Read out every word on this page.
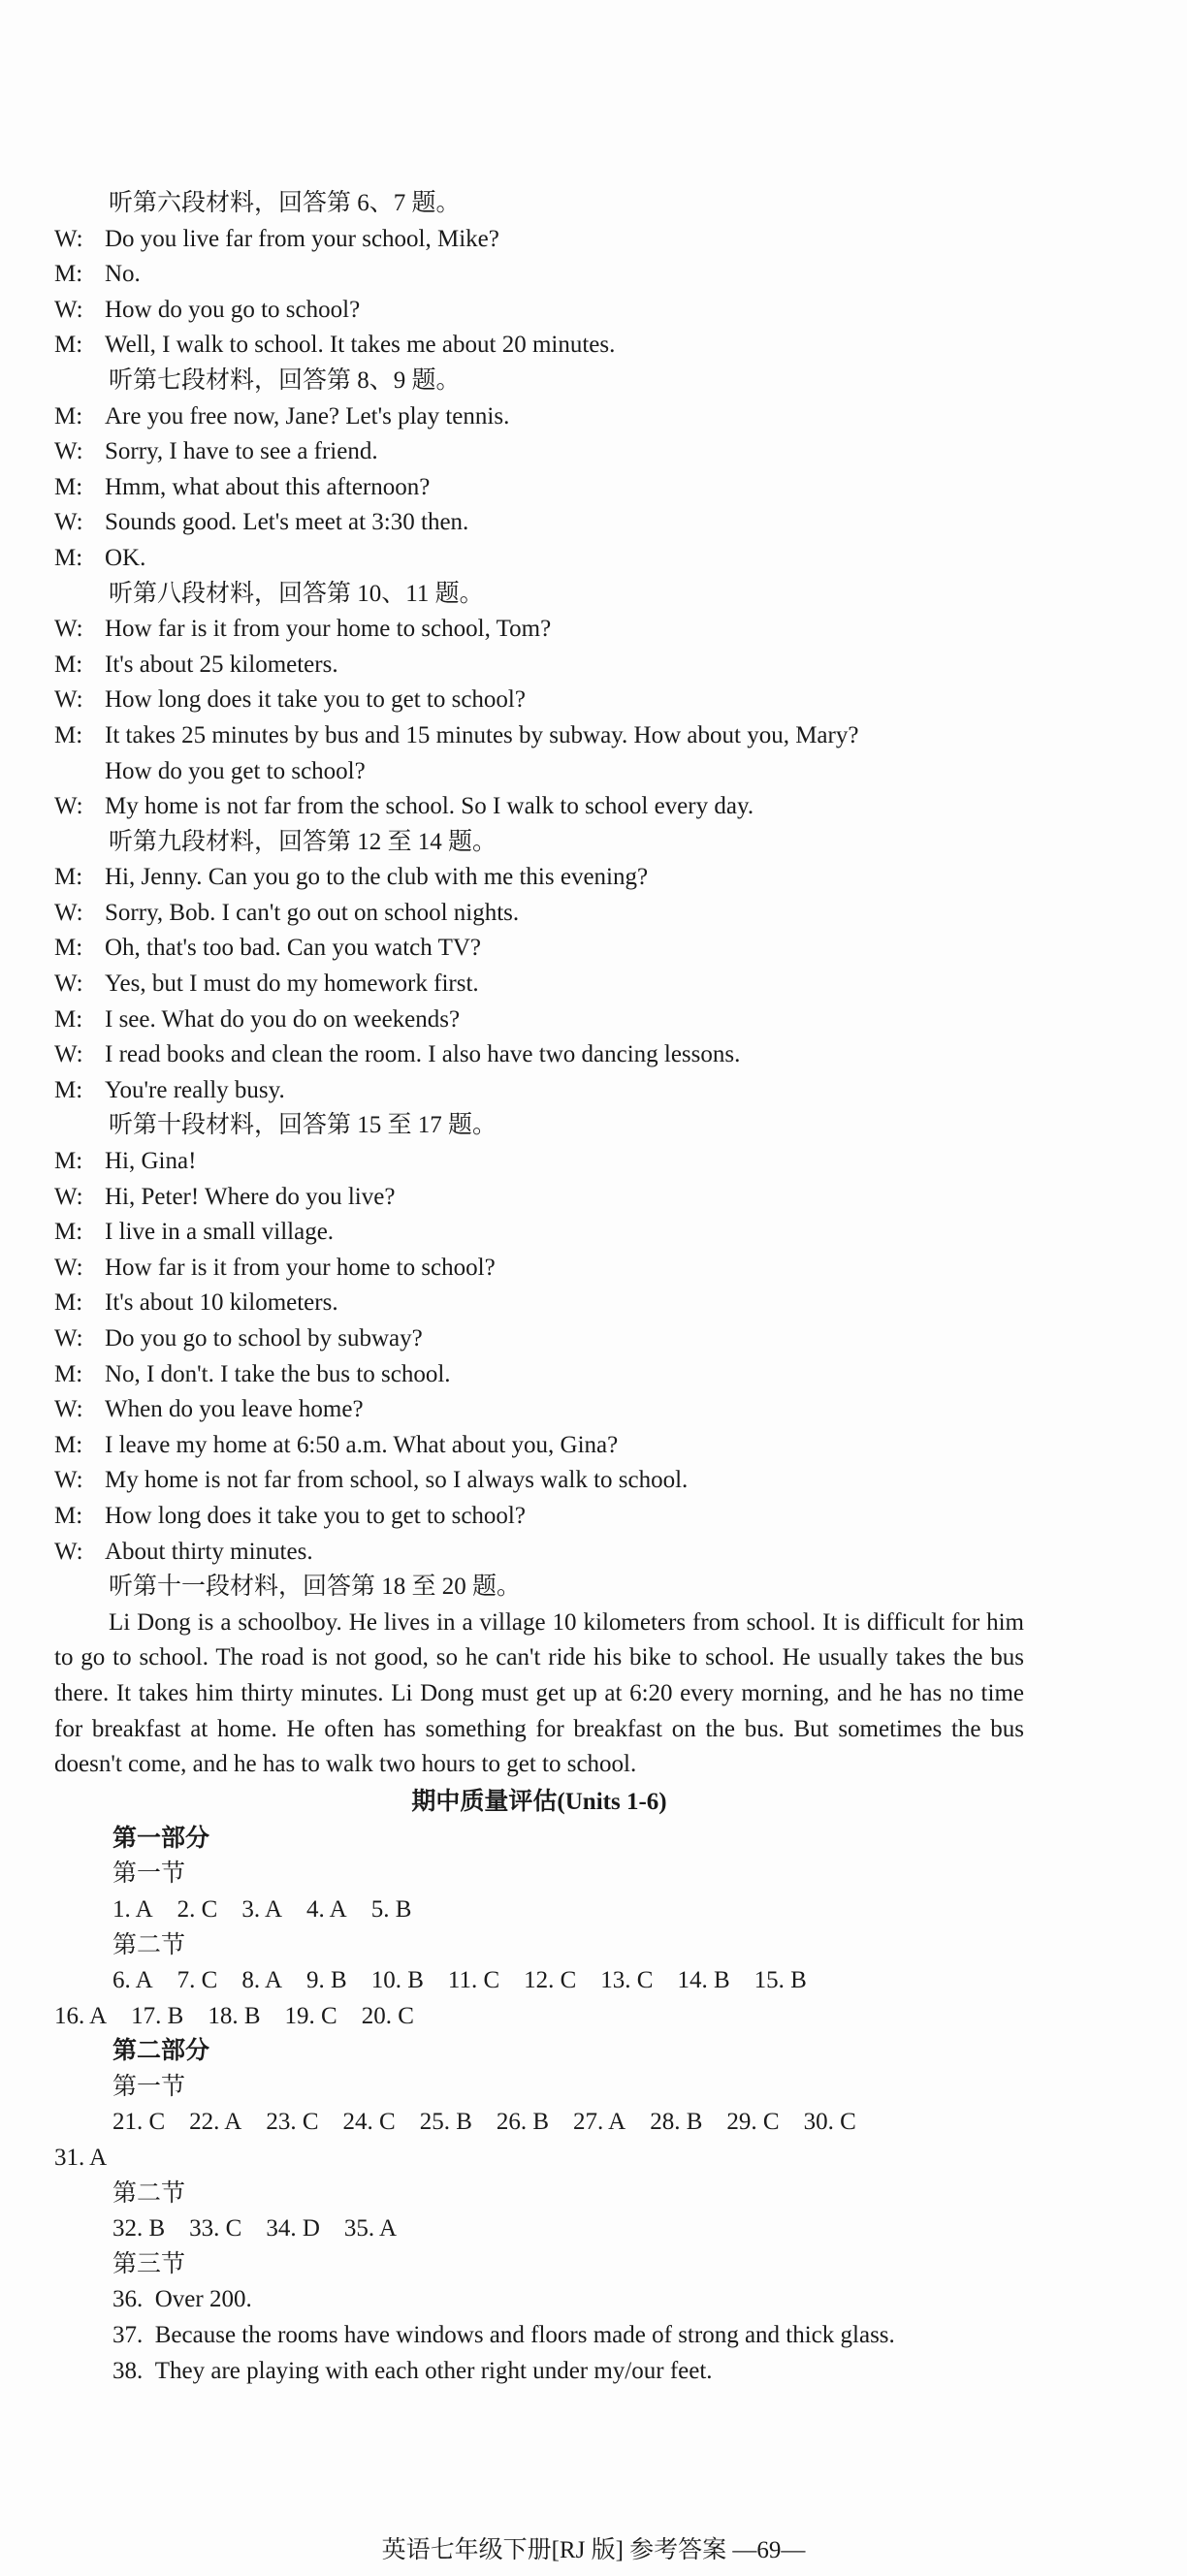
听第六段材料，回答第 6、7 题。
W: Do you live far from your school, Mike?
M: No.
W: How do you go to school?
M: Well, I walk to school. It takes me about 20 minutes.
听第七段材料，回答第 8、9 题。
M: Are you free now, Jane? Let's play tennis.
W: Sorry, I have to see a friend.
M: Hmm, what about this afternoon?
W: Sounds good. Let's meet at 3:30 then.
M: OK.
听第八段材料，回答第 10、11 题。
W: How far is it from your home to school, Tom?
M: It's about 25 kilometers.
W: How long does it take you to get to school?
M: It takes 25 minutes by bus and 15 minutes by subway. How about you, Mary?
How do you get to school?
W: My home is not far from the school. So I walk to school every day.
听第九段材料，回答第 12 至 14 题。
M: Hi, Jenny. Can you go to the club with me this evening?
W: Sorry, Bob. I can't go out on school nights.
M: Oh, that's too bad. Can you watch TV?
W: Yes, but I must do my homework first.
M: I see. What do you do on weekends?
W: I read books and clean the room. I also have two dancing lessons.
M: You're really busy.
听第十段材料，回答第 15 至 17 题。
M: Hi, Gina!
W: Hi, Peter! Where do you live?
M: I live in a small village.
W: How far is it from your home to school?
M: It's about 10 kilometers.
W: Do you go to school by subway?
M: No, I don't. I take the bus to school.
W: When do you leave home?
M: I leave my home at 6:50 a.m. What about you, Gina?
W: My home is not far from school, so I always walk to school.
M: How long does it take you to get to school?
W: About thirty minutes.
听第十一段材料，回答第 18 至 20 题。

Li Dong is a schoolboy. He lives in a village 10 kilometers from school. It is difficult for him to go to school. The road is not good, so he can't ride his bike to school. He usually takes the bus there. It takes him thirty minutes. Li Dong must get up at 6:20 every morning, and he has no time for breakfast at home. He often has something for breakfast on the bus. But sometimes the bus doesn't come, and he has to walk two hours to get to school.

期中质量评估(Units 1-6)
第一部分
第一节
1. A    2. C    3. A    4. A    5. B
第二节
6. A    7. C    8. A    9. B    10. B    11. C    12. C    13. C    14. B    15. B
16. A    17. B    18. B    19. C    20. C
第二部分
第一节
21. C    22. A    23. C    24. C    25. B    26. B    27. A    28. B    29. C    30. C
31. A
第二节
32. B    33. C    34. D    35. A
第三节
36.  Over 200.
37.  Because the rooms have windows and floors made of strong and thick glass.
38.  They are playing with each other right under my/our feet.
英语七年级下册[RJ 版] 参考答案 —69—
